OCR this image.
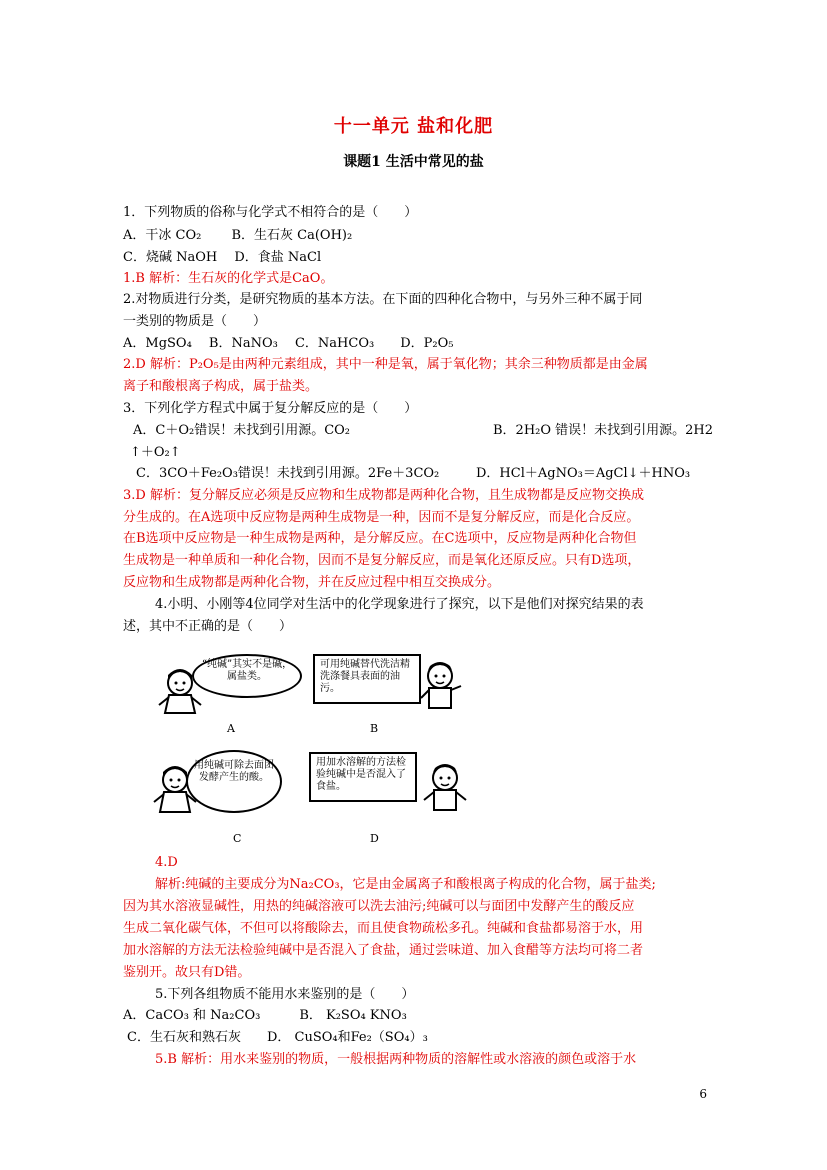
十一单元 盐和化肥
课题1 生活中常见的盐
1．下列物质的俗称与化学式不相符合的是（　　）
A．干冰 CO₂　　 B．生石灰 Ca(OH)₂
C．烧碱 NaOH　 D．食盐 NaCl
1.B 解析：生石灰的化学式是CaO。
2.对物质进行分类，是研究物质的基本方法。在下面的四种化合物中，与另外三种不属于同
一类别的物质是（　　）
A．MgSO₄　 B．NaNO₃　 C．NaHCO₃　　D．P₂O₅
2.D 解析：P₂O₅是由两种元素组成，其中一种是氧，属于氧化物；其余三种物质都是由金属
离子和酸根离子构成，属于盐类。
3．下列化学方程式中属于复分解反应的是（　　）
A．C＋O₂错误！未找到引用源。CO₂	B．2H₂O 错误！未找到引用源。2H2
↑＋O₂↑
C．3CO＋Fe₂O₃错误！未找到引用源。2Fe＋3CO₂	D．HCl＋AgNO₃＝AgCl↓＋HNO₃
3.D 解析：复分解反应必须是反应物和生成物都是两种化合物，且生成物都是反应物交换成
分生成的。在A选项中反应物是两种生成物是一种，因而不是复分解反应，而是化合反应。
在B选项中反应物是一种生成物是两种，是分解反应。在C选项中，反应物是两种化合物但
生成物是一种单质和一种化合物，因而不是复分解反应，而是氧化还原反应。只有D选项，
反应物和生成物都是两种化合物，并在反应过程中相互交换成分。
4.小明、小刚等4位同学对生活中的化学现象进行了探究，以下是他们对探究结果的表
述，其中不正确的是（　　）
“纯碱”其实不是碱，属盐类。
A
可用纯碱替代洗洁精洗涤餐具表面的油污。
B
用纯碱可除去面团发酵产生的酸。
C
用加水溶解的方法检验纯碱中是否混入了食盐。
D
4.D
解析:纯碱的主要成分为Na₂CO₃，它是由金属离子和酸根离子构成的化合物，属于盐类;
因为其水溶液显碱性，用热的纯碱溶液可以洗去油污;纯碱可以与面团中发酵产生的酸反应
生成二氧化碳气体，不但可以将酸除去，而且使食物疏松多孔。纯碱和食盐都易溶于水，用
加水溶解的方法无法检验纯碱中是否混入了食盐，通过尝味道、加入食醋等方法均可将二者
鉴别开。故只有D错。
5.下列各组物质不能用水来鉴别的是（　　）
A．CaCO₃ 和 Na₂CO₃　　　B． K₂SO₄ KNO₃
C．生石灰和熟石灰　　D． CuSO₄和Fe₂（SO₄）₃
5.B 解析：用水来鉴别的物质，一般根据两种物质的溶解性或水溶液的颜色或溶于水
6
